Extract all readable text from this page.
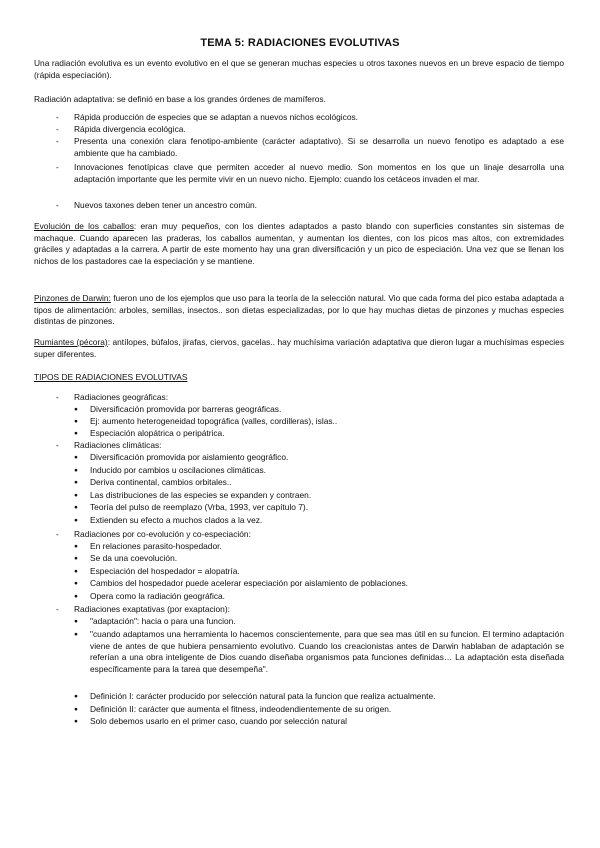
TEMA 5: RADIACIONES EVOLUTIVAS
Una radiación evolutiva es un evento evolutivo en el que se generan muchas especies u otros taxones nuevos en un breve espacio de tiempo (rápida especiación).
Radiación adaptativa: se definió en base a los grandes órdenes de mamíferos.
- Rápida producción de especies que se adaptan a nuevos nichos ecológicos.
- Rápida divergencia ecológica.
- Presenta una conexión clara fenotipo-ambiente (carácter adaptativo). Si se desarrolla un nuevo fenotipo es adaptado a ese ambiente que ha cambiado.
- Innovaciones fenotípicas clave que permiten acceder al nuevo medio. Son momentos en los que un linaje desarrolla una adaptación importante que les permite vivir en un nuevo nicho. Ejemplo: cuando los cetáceos invaden el mar.
- Nuevos taxones deben tener un ancestro común.
Evolución de los caballos: eran muy pequeños, con los dientes adaptados a pasto blando con superficies constantes sin sistemas de machaque. Cuando aparecen las praderas, los caballos aumentan, y aumentan los dientes, con los picos mas altos, con extremidades gráciles y adaptadas a la carrera. A partir de este momento hay una gran diversificación y un pico de especiación. Una vez que se llenan los nichos de los pastadores cae la especiación y se mantiene.
Pinzones de Darwin: fueron uno de los ejemplos que uso para la teoría de la selección natural. Vio que cada forma del pico estaba adaptada a tipos de alimentación: arboles, semillas, insectos.. son dietas especializadas, por lo que hay muchas dietas de pinzones y muchas especies distintas de pinzones.
Rumiantes (pécora): antílopes, búfalos, jirafas, ciervos, gacelas.. hay muchísima variación adaptativa que dieron lugar a muchísimas especies super diferentes.
TIPOS DE RADIACIONES EVOLUTIVAS
- Radiaciones geográficas:
● Diversificación promovida por barreras geográficas.
● Ej: aumento heterogeneidad topográfica (valles, cordilleras), islas..
● Especiación alopátrica o peripátrica.
- Radiaciones climáticas:
● Diversificación promovida por aislamiento geográfico.
● Inducido por cambios u oscilaciones climáticas.
● Deriva continental, cambios orbitales..
● Las distribuciones de las especies se expanden y contraen.
● Teoría del pulso de reemplazo (Vrba, 1993, ver capítulo 7).
● Extienden su efecto a muchos clados a la vez.
- Radiaciones por co-evolución y co-especiación:
● En relaciones parasito-hospedador.
● Se da una coevolución.
● Especiación del hospedador = alopatría.
● Cambios del hospedador puede acelerar especiación por aislamiento de poblaciones.
● Opera como la radiación geográfica.
- Radiaciones exaptativas (por exaptacion):
● "adaptación": hacia o para una funcion.
● "cuando adaptamos una herramienta lo hacemos conscientemente, para que sea mas útil en su funcion. El termino adaptación viene de antes de que hubiera pensamiento evolutivo. Cuando los creacionistas antes de Darwin hablaban de adaptación se referían a una obra inteligente de Dios cuando diseñaba organismos pata funciones definidas… La adaptación esta diseñada específicamente para la tarea que desempeña".
● Definición I: carácter producido por selección natural pata la funcion que realiza actualmente.
● Definición II: carácter que aumenta el fitness, indeodendientemente de su origen.
● Solo debemos usarlo en el primer caso, cuando por selección natural
